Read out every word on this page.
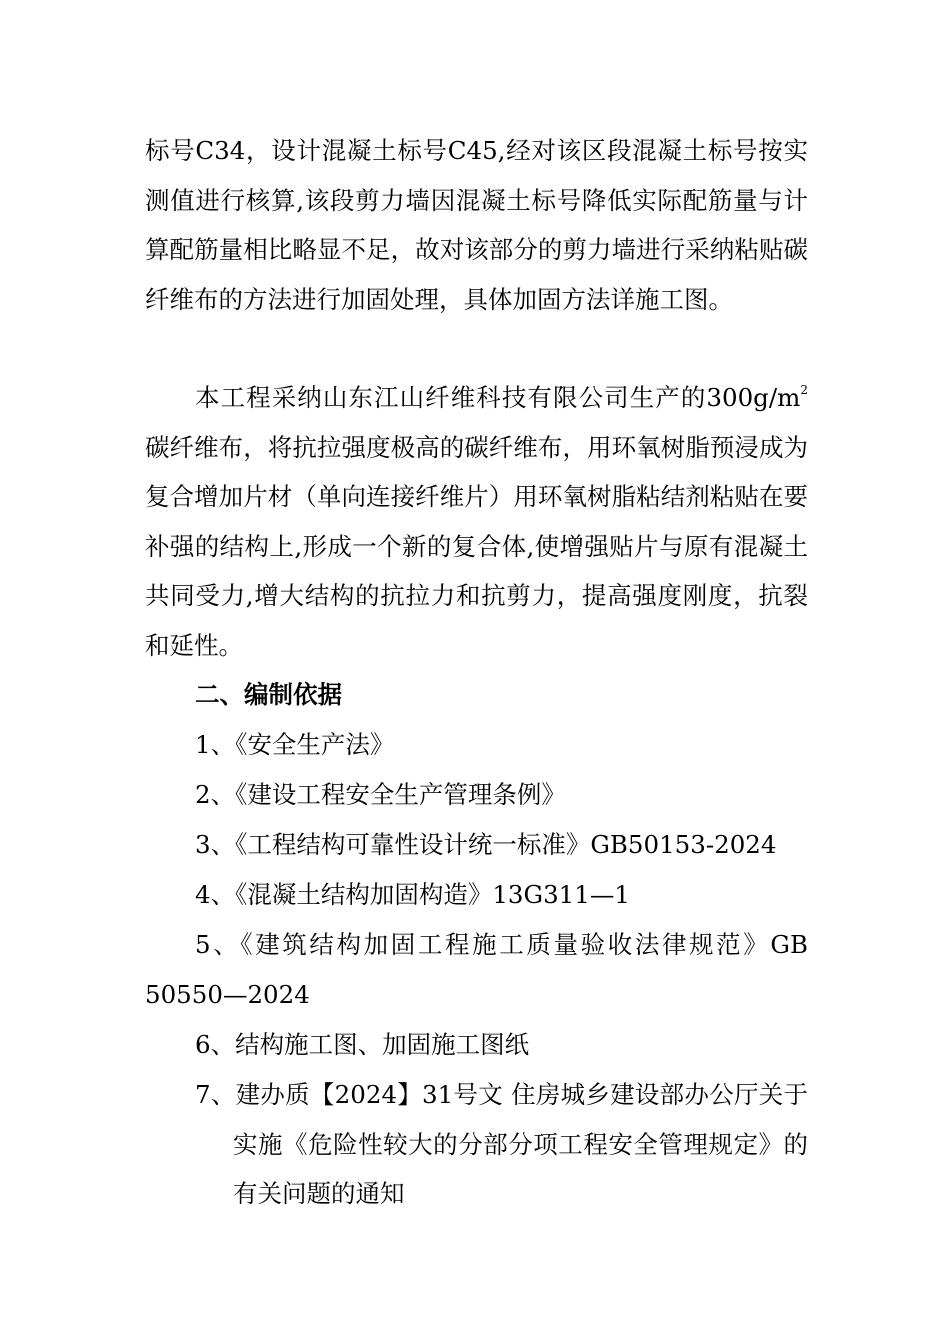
标号C34，设计混凝土标号C45,经对该区段混凝土标号按实测值进行核算,该段剪力墙因混凝土标号降低实际配筋量与计算配筋量相比略显不足，故对该部分的剪力墙进行采纳粘贴碳纤维布的方法进行加固处理，具体加固方法详施工图。
本工程采纳山东江山纤维科技有限公司生产的$300g/m^2$碳纤维布，将抗拉强度极高的碳纤维布，用环氧树脂预浸成为复合增加片材（单向连接纤维片）用环氧树脂粘结剂粘贴在要补强的结构上,形成一个新的复合体,使增强贴片与原有混凝土共同受力,增大结构的抗拉力和抗剪力，提高强度刚度，抗裂和延性。
二、编制依据
1、《安全生产法》
2、《建设工程安全生产管理条例》
3、《工程结构可靠性设计统一标准》GB50153-2024
4、《混凝土结构加固构造》13G311—1
5、《建筑结构加固工程施工质量验收法律规范》GB 50550—2024
6、结构施工图、加固施工图纸
7、建办质【2024】31号文 住房城乡建设部办公厅关于实施《危险性较大的分部分项工程安全管理规定》的有关问题的通知
